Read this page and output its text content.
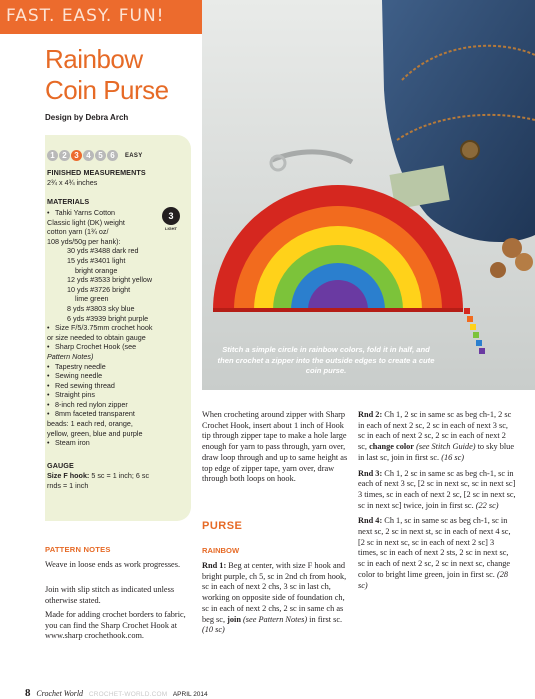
FAST. EASY. FUN!
Rainbow
Coin Purse
Design by Debra Arch
1 2 3 4 5 6	EASY
FINISHED MEASUREMENTS
2¾ x 4¾ inches
MATERIALS
3
LIGHT
• Tahki Yarns Cotton
Classic light (DK) weight
cotton yarn (1¾ oz/
108 yds/50g per hank):
30 yds #3488 dark red
15 yds #3401 light
bright orange
12 yds #3533 bright yellow
10 yds #3726 bright
lime green
8 yds #3803 sky blue
6 yds #3939 bright purple
• Size F/5/3.75mm crochet hook
or size needed to obtain gauge
• Sharp Crochet Hook (see
Pattern Notes)
• Tapestry needle
• Sewing needle
• Red sewing thread
• Straight pins
• 8-inch red nylon zipper
• 8mm faceted transparent
beads: 1 each red, orange,
yellow, green, blue and purple
• Steam iron
GAUGE
Size F hook: 5 sc = 1 inch; 6 sc
rnds = 1 inch
Stitch a simple circle in rainbow colors, fold it in half, and then crochet a zipper into the outside edges to create a cute coin purse.
PATTERN NOTES
Weave in loose ends as work progresses.
Join with slip stitch as indicated unless otherwise stated.
Made for adding crochet borders to fabric, you can find the Sharp Crochet Hook at www.sharp crochethook.com.
When crocheting around zipper with Sharp Crochet Hook, insert about 1 inch of Hook tip through zipper tape to make a hole large enough for yarn to pass through, yarn over, draw loop through and up to same height as top edge of zipper tape, yarn over, draw through both loops on hook.
PURSE
RAINBOW
Rnd 1: Beg at center, with size F hook and bright purple, ch 5, sc in 2nd ch from hook, sc in each of next 2 chs, 3 sc in last ch, working on opposite side of foundation ch, sc in each of next 2 chs, 2 sc in same ch as beg sc, join (see Pattern Notes) in first sc. (10 sc)

Rnd 2: Ch 1, 2 sc in same sc as beg ch-1, 2 sc in each of next 2 sc, 2 sc in each of next 3 sc, sc in each of next 2 sc, 2 sc in each of next 2 sc, change color (see Stitch Guide) to sky blue in last sc, join in first sc. (16 sc)

Rnd 3: Ch 1, 2 sc in same sc as beg ch-1, sc in each of next 3 sc, [2 sc in next sc, sc in next sc] 3 times, sc in each of next 2 sc, [2 sc in next sc, sc in next sc] twice, join in first sc. (22 sc)

Rnd 4: Ch 1, sc in same sc as beg ch-1, sc in next sc, 2 sc in next st, sc in each of next 4 sc, [2 sc in next sc, sc in each of next 2 sc] 3 times, sc in each of next 2 sts, 2 sc in next sc, sc in each of next 2 sc, 2 sc in next sc, change color to bright lime green, join in first sc. (28 sc)

8 Crochet World CROCHET-WORLD.COM APRIL 2014
